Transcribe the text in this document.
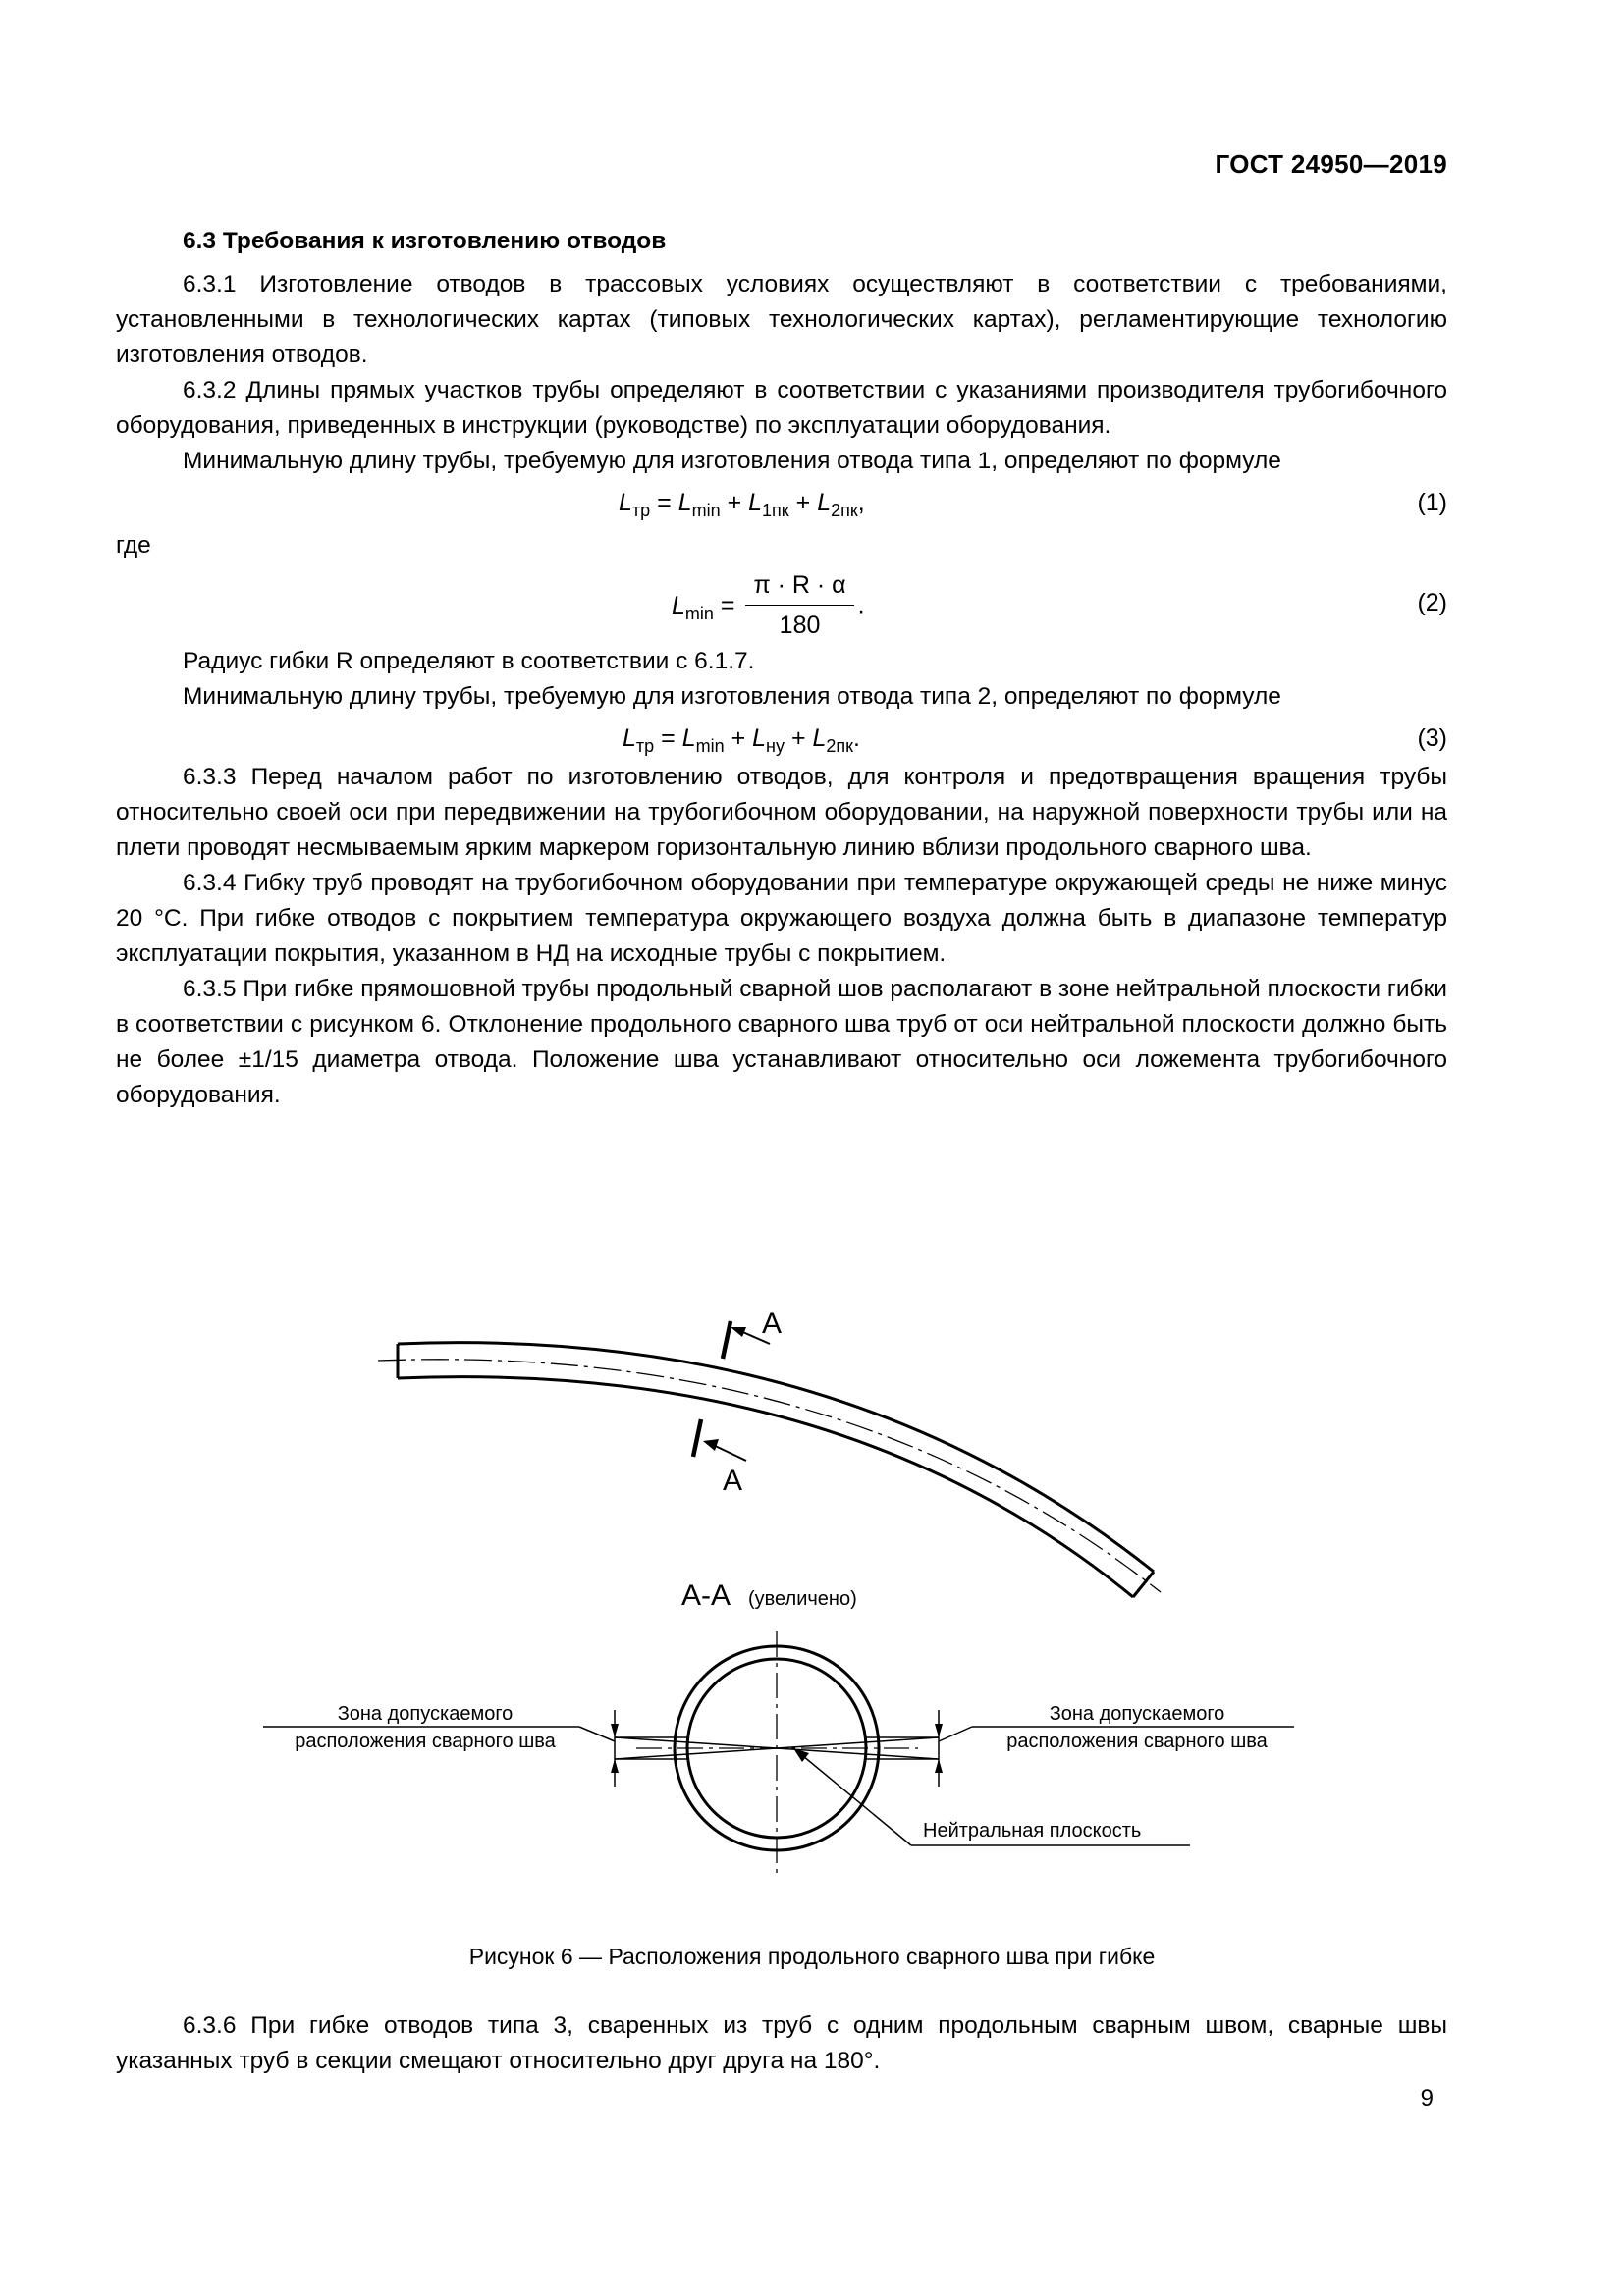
ГОСТ 24950—2019
6.3 Требования к изготовлению отводов

6.3.1 Изготовление отводов в трассовых условиях осуществляют в соответствии с требованиями, установленными в технологических картах (типовых технологических картах), регламентирующие технологию изготовления отводов.

6.3.2 Длины прямых участков трубы определяют в соответствии с указаниями производителя трубогибочного оборудования, приведенных в инструкции (руководстве) по эксплуатации оборудования.

Минимальную длину трубы, требуемую для изготовления отвода типа 1, определяют по формуле

$L_{тр} = L_{min} + L_{1пк} + L_{2пк}$,	(1)

где

$L_{min} = \frac{\pi \cdot R \cdot \alpha}{180}$ .	(2)

Радиус гибки R определяют в соответствии с 6.1.7.

Минимальную длину трубы, требуемую для изготовления отвода типа 2, определяют по формуле

$L_{тр} = L_{min} + L_{ну} + L_{2пк}$.	(3)

6.3.3 Перед началом работ по изготовлению отводов, для контроля и предотвращения вращения трубы относительно своей оси при передвижении на трубогибочном оборудовании, на наружной поверхности трубы или на плети проводят несмываемым ярким маркером горизонтальную линию вблизи продольного сварного шва.

6.3.4 Гибку труб проводят на трубогибочном оборудовании при температуре окружающей среды не ниже минус 20 °С. При гибке отводов с покрытием температура окружающего воздуха должна быть в диапазоне температур эксплуатации покрытия, указанном в НД на исходные трубы с покрытием.

6.3.5 При гибке прямошовной трубы продольный сварной шов располагают в зоне нейтральной плоскости гибки в соответствии с рисунком 6. Отклонение продольного сварного шва труб от оси нейтральной плоскости должно быть не более ±1/15 диаметра отвода. Положение шва устанавливают относительно оси ложемента трубогибочного оборудования.

А
А
А-А (увеличено)
Зона допускаемого
расположения сварного шва
Зона допускаемого
расположения сварного шва
Нейтральная плоскость
Рисунок 6 — Расположения продольного сварного шва при гибке

6.3.6 При гибке отводов типа 3, сваренных из труб с одним продольным сварным швом, сварные швы указанных труб в секции смещают относительно друг друга на 180°.

9
